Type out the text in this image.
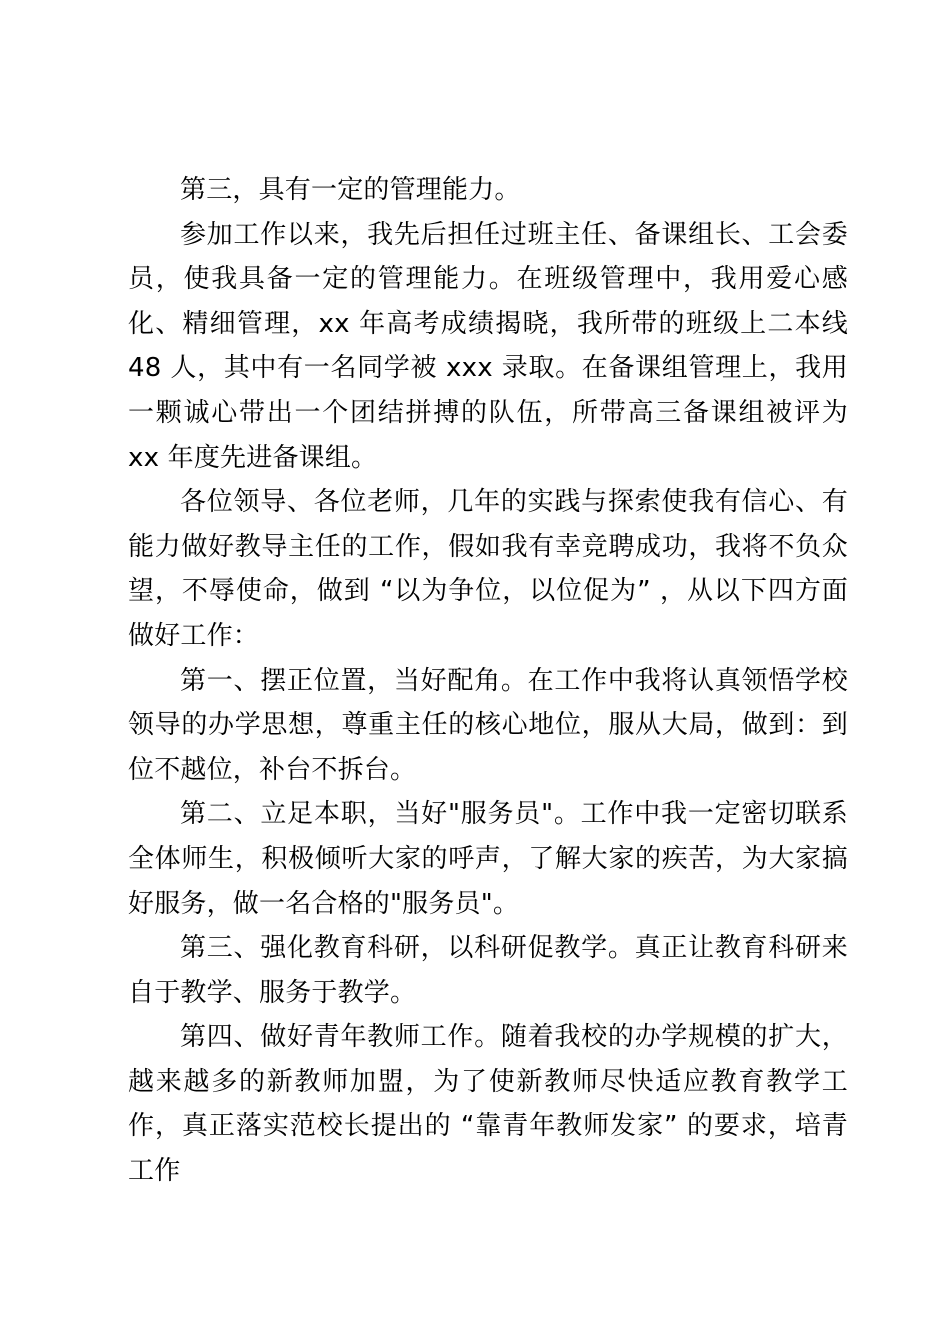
第三，具有一定的管理能力。

参加工作以来，我先后担任过班主任、备课组长、工会委员，使我具备一定的管理能力。在班级管理中，我用爱心感化、精细管理，xx 年高考成绩揭晓，我所带的班级上二本线 48 人，其中有一名同学被 xxx 录取。在备课组管理上，我用一颗诚心带出一个团结拼搏的队伍，所带高三备课组被评为 xx 年度先进备课组。

各位领导、各位老师，几年的实践与探索使我有信心、有能力做好教导主任的工作，假如我有幸竞聘成功，我将不负众望，不辱使命，做到 “以为争位，以位促为” ，从以下四方面做好工作：

第一、摆正位置，当好配角。在工作中我将认真领悟学校领导的办学思想，尊重主任的核心地位，服从大局，做到：到位不越位，补台不拆台。

第二、立足本职，当好"服务员"。工作中我一定密切联系全体师生，积极倾听大家的呼声，了解大家的疾苦，为大家搞好服务，做一名合格的"服务员"。

第三、强化教育科研，以科研促教学。真正让教育科研来自于教学、服务于教学。

第四、做好青年教师工作。随着我校的办学规模的扩大，越来越多的新教师加盟，为了使新教师尽快适应教育教学工作，真正落实范校长提出的 “靠青年教师发家” 的要求，培青工作
